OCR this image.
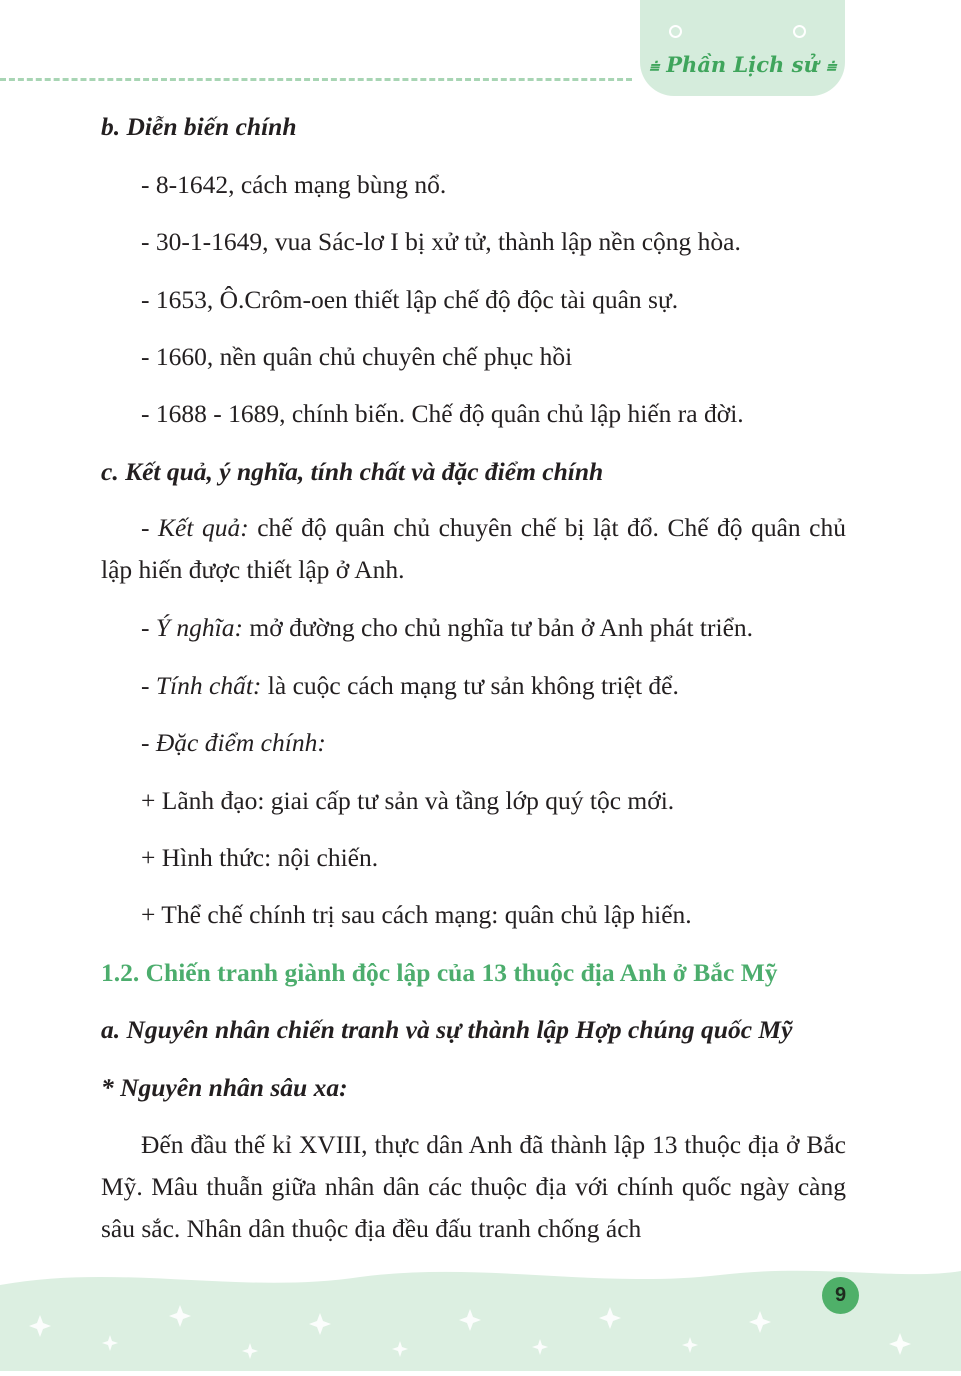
⩧ Phần Lịch sử ⩧
b. Diễn biến chính
- 8-1642, cách mạng bùng nổ.
- 30-1-1649, vua Sác-lơ I bị xử tử, thành lập nền cộng hòa.
- 1653, Ô.Crôm-oen thiết lập chế độ độc tài quân sự.
- 1660, nền quân chủ chuyên chế phục hồi
- 1688 - 1689, chính biến. Chế độ quân chủ lập hiến ra đời.
c. Kết quả, ý nghĩa, tính chất và đặc điểm chính
- Kết quả: chế độ quân chủ chuyên chế bị lật đổ. Chế độ quân chủ lập hiến được thiết lập ở Anh.
- Ý nghĩa: mở đường cho chủ nghĩa tư bản ở Anh phát triển.
- Tính chất: là cuộc cách mạng tư sản không triệt để.
- Đặc điểm chính:
+ Lãnh đạo: giai cấp tư sản và tầng lớp quý tộc mới.
+ Hình thức: nội chiến.
+ Thể chế chính trị sau cách mạng: quân chủ lập hiến.
1.2. Chiến tranh giành độc lập của 13 thuộc địa Anh ở Bắc Mỹ
a. Nguyên nhân chiến tranh và sự thành lập Hợp chúng quốc Mỹ
* Nguyên nhân sâu xa:
Đến đầu thế kỉ XVIII, thực dân Anh đã thành lập 13 thuộc địa ở Bắc Mỹ. Mâu thuẫn giữa nhân dân các thuộc địa với chính quốc ngày càng sâu sắc. Nhân dân thuộc địa đều đấu tranh chống ách
9
